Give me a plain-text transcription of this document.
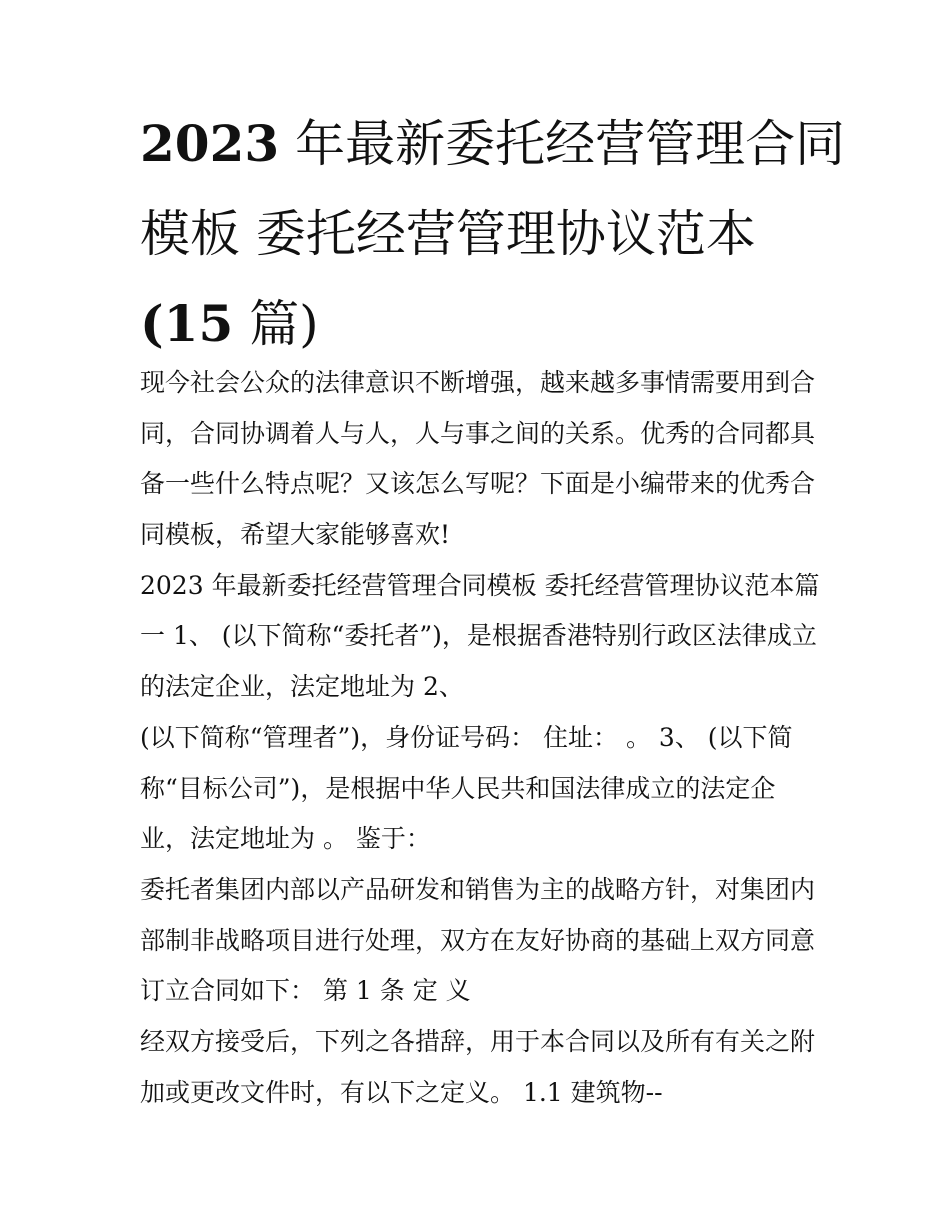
2023 年最新委托经营管理合同
模板 委托经营管理协议范本
(15 篇)
现今社会公众的法律意识不断增强，越来越多事情需要用到合
同，合同协调着人与人，人与事之间的关系。优秀的合同都具
备一些什么特点呢？又该怎么写呢？下面是小编带来的优秀合
同模板，希望大家能够喜欢!
2023 年最新委托经营管理合同模板 委托经营管理协议范本篇
一 1、 (以下简称“委托者”)，是根据香港特别行政区法律成立
的法定企业，法定地址为 2、
(以下简称“管理者”)，身份证号码： 住址： 。 3、 (以下简
称“目标公司”)，是根据中华人民共和国法律成立的法定企
业，法定地址为 。 鉴于：
委托者集团内部以产品研发和销售为主的战略方针，对集团内
部制非战略项目进行处理，双方在友好协商的基础上双方同意
订立合同如下： 第 1 条 定 义
经双方接受后，下列之各措辞，用于本合同以及所有有关之附
加或更改文件时，有以下之定义。 1.1 建筑物--
